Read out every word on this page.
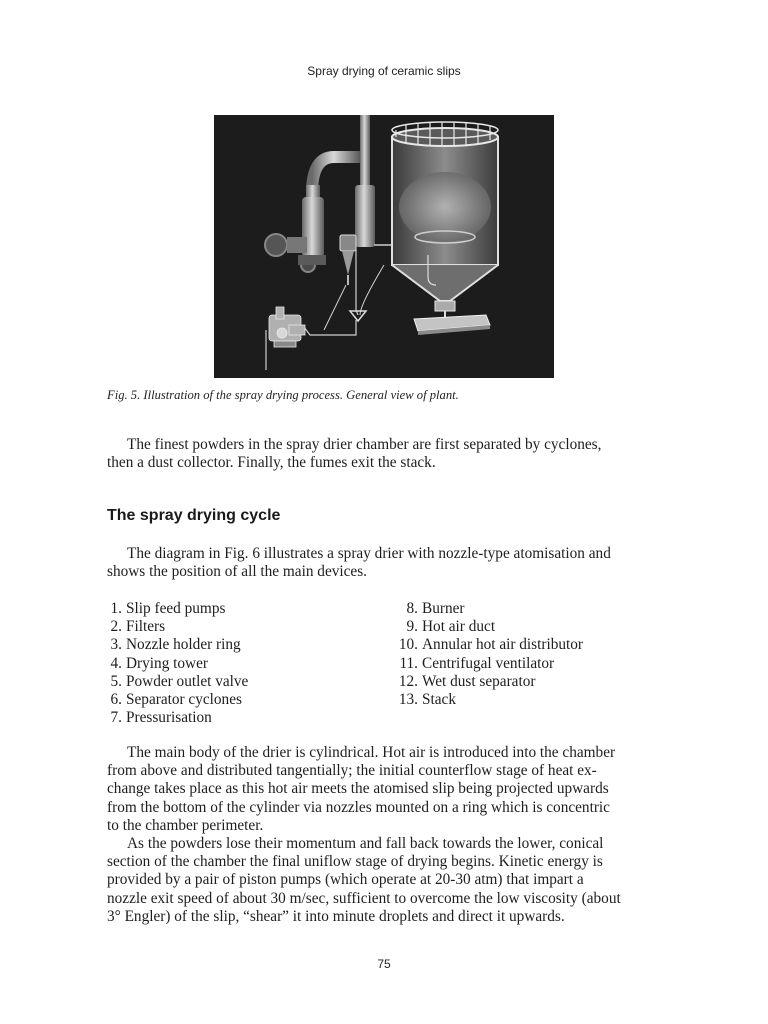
Spray drying of ceramic slips
Fig. 5. Illustration of the spray drying process. General view of plant.

The finest powders in the spray drier chamber are first separated by cyclones,
then a dust collector. Finally, the fumes exit the stack.

The spray drying cycle

The diagram in Fig. 6 illustrates a spray drier with nozzle-type atomisation and
shows the position of all the main devices.

1. Slip feed pumps
2. Filters
3. Nozzle holder ring
4. Drying tower
5. Powder outlet valve
6. Separator cyclones
7. Pressurisation
8. Burner
9. Hot air duct
10. Annular hot air distributor
11. Centrifugal ventilator
12. Wet dust separator
13. Stack

The main body of the drier is cylindrical. Hot air is introduced into the chamber
from above and distributed tangentially; the initial counterflow stage of heat ex-
change takes place as this hot air meets the atomised slip being projected upwards
from the bottom of the cylinder via nozzles mounted on a ring which is concentric
to the chamber perimeter.
As the powders lose their momentum and fall back towards the lower, conical
section of the chamber the final uniflow stage of drying begins. Kinetic energy is
provided by a pair of piston pumps (which operate at 20-30 atm) that impart a
nozzle exit speed of about 30 m/sec, sufficient to overcome the low viscosity (about
3° Engler) of the slip, “shear” it into minute droplets and direct it upwards.

75
